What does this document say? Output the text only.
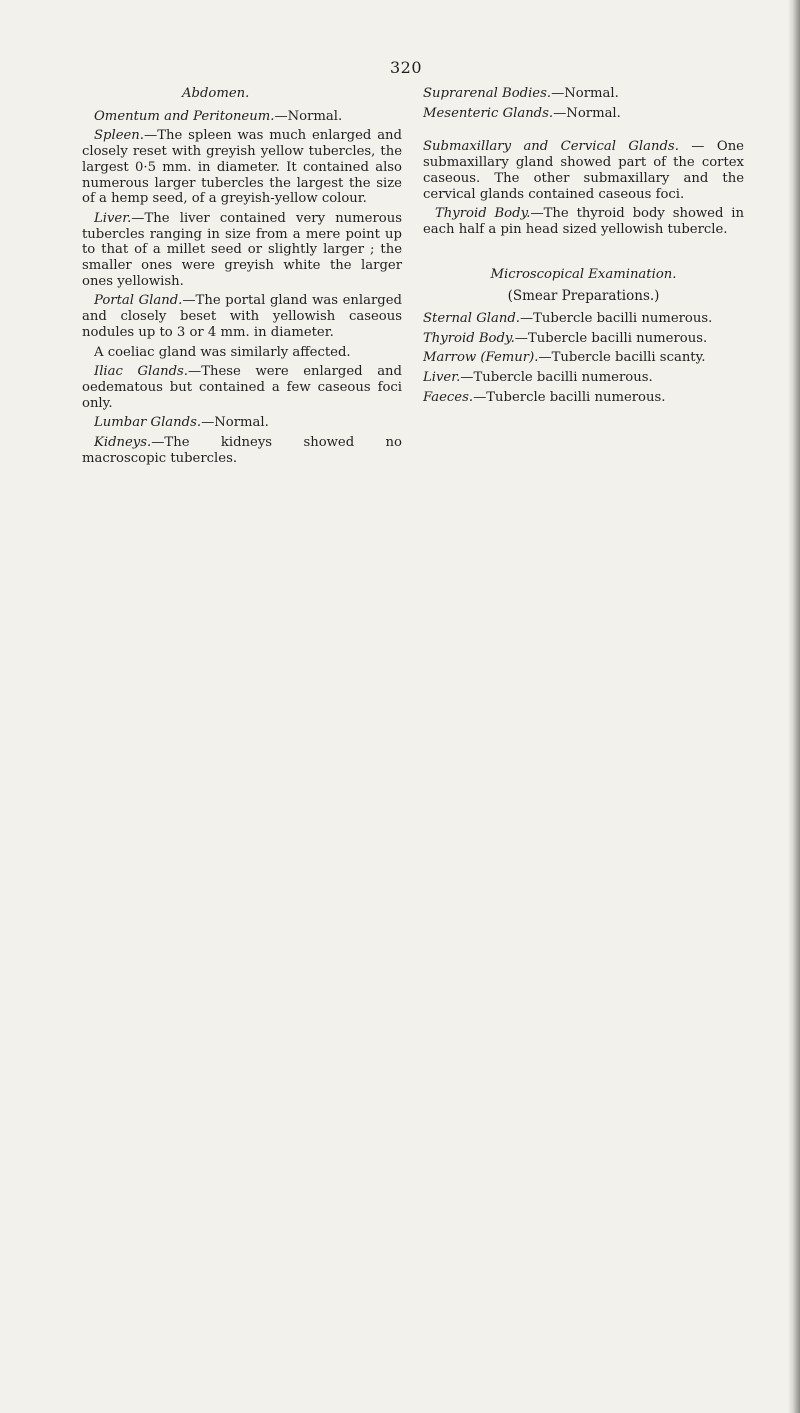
320
Abdomen.

Omentum and Peritoneum.—Normal.

Spleen.—The spleen was much enlarged and closely reset with greyish yellow tubercles, the largest 0·5 mm. in diameter. It contained also numerous larger tubercles the largest the size of a hemp seed, of a greyish-yellow colour.

Liver.—The liver contained very numerous tubercles ranging in size from a mere point up to that of a millet seed or slightly larger ; the smaller ones were greyish white the larger ones yellowish.

Portal Gland.—The portal gland was enlarged and closely beset with yellowish caseous nodules up to 3 or 4 mm. in diameter.

A coeliac gland was similarly affected.

Iliac Glands.—These were enlarged and oedematous but contained a few caseous foci only.

Lumbar Glands.—Normal.

Kidneys.—The kidneys showed no macroscopic tubercles.

Suprarenal Bodies.—Normal.

Mesenteric Glands.—Normal.

Submaxillary and Cervical Glands. — One submaxillary gland showed part of the cortex caseous. The other submaxillary and the cervical glands contained caseous foci.

Thyroid Body.—The thyroid body showed in each half a pin head sized yellowish tubercle.

Microscopical Examination.
(Smear Preparations.)

Sternal Gland.—Tubercle bacilli numerous.

Thyroid Body.—Tubercle bacilli numerous.

Marrow (Femur).—Tubercle bacilli scanty.

Liver.—Tubercle bacilli numerous.

Faeces.—Tubercle bacilli numerous.
